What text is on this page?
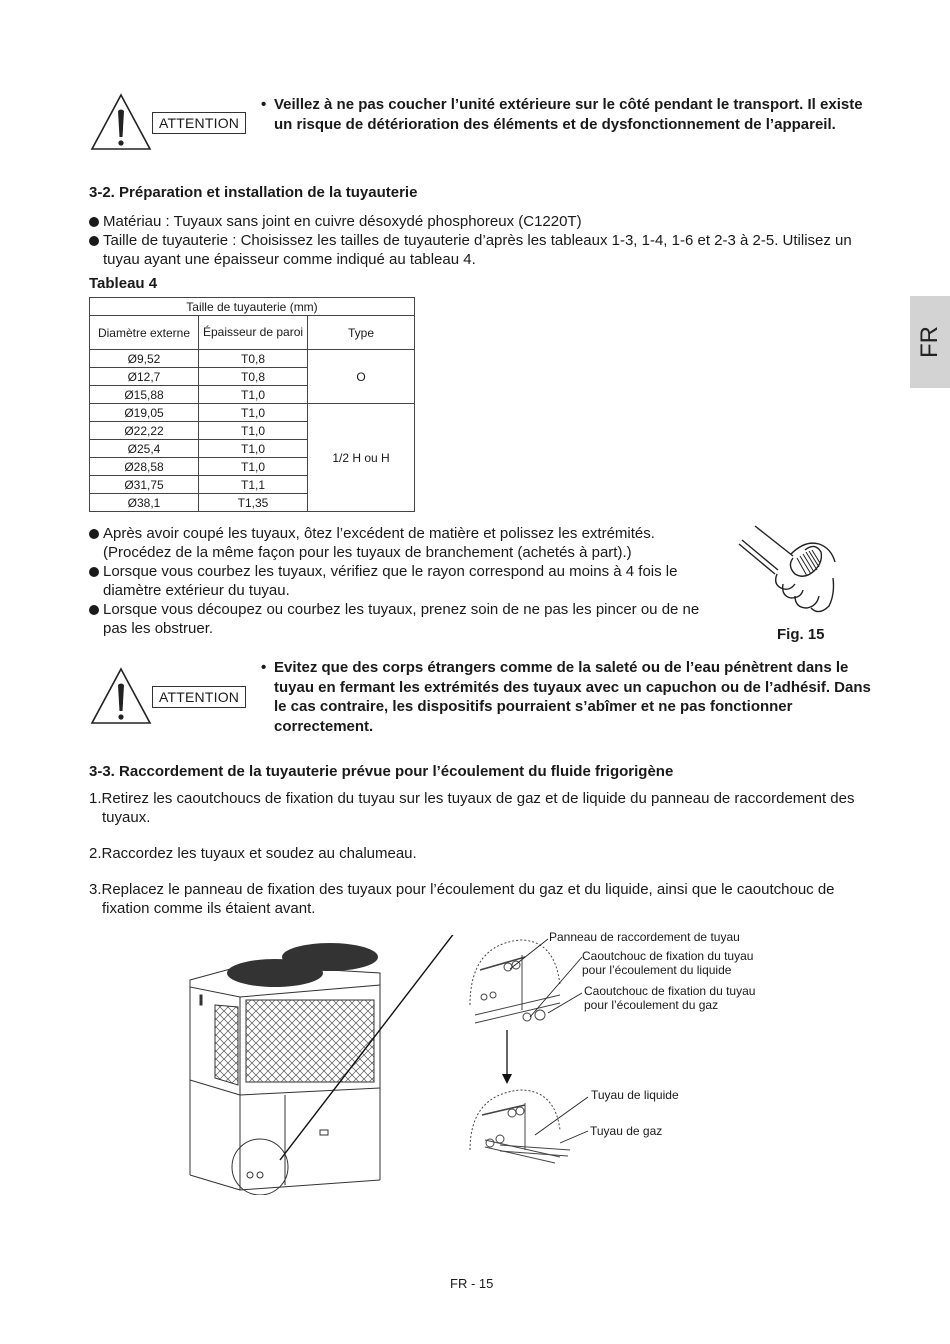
ATTENTION
• Veillez à ne pas coucher l’unité extérieure sur le côté pendant le transport. Il existe un risque de détérioration des éléments et de dysfonctionnement de l’appareil.
3-2. Préparation et installation de la tuyauterie
Matériau : Tuyaux sans joint en cuivre désoxydé phosphoreux (C1220T)
Taille de tuyauterie : Choisissez les tailles de tuyauterie d’après les tableaux 1-3, 1-4, 1-6 et 2-3 à 2-5. Utilisez un tuyau ayant une épaisseur comme indiqué au tableau 4.
Tableau 4
Taille de tuyauterie (mm)		
Diamètre externe	Épaisseur de paroi	Type
Ø9,52	T0,8	O
Ø12,7	T0,8	
Ø15,88	T1,0	
Ø19,05	T1,0	1/2 H ou H
Ø22,22	T1,0	
Ø25,4	T1,0	
Ø28,58	T1,0	
Ø31,75	T1,1	
Ø38,1	T1,35	
Après avoir coupé les tuyaux, ôtez l’excédent de matière et polissez les extrémités. (Procédez de la même façon pour les tuyaux de branchement (achetés à part).)
Lorsque vous courbez les tuyaux, vérifiez que le rayon correspond au moins à 4 fois le diamètre extérieur du tuyau.
Lorsque vous découpez ou courbez les tuyaux, prenez soin de ne pas les pincer ou de ne pas les obstruer.	Fig. 15
ATTENTION
• Evitez que des corps étrangers comme de la saleté ou de l’eau pénètrent dans le tuyau en fermant les extrémités des tuyaux avec un capuchon ou de l’adhésif. Dans le cas contraire, les dispositifs pourraient s’abîmer et ne pas fonctionner correctement.
3-3. Raccordement de la tuyauterie prévue pour l’écoulement du fluide frigorigène
1.Retirez les caoutchoucs de fixation du tuyau sur les tuyaux de gaz et de liquide du panneau de raccordement des tuyaux.
2.Raccordez les tuyaux et soudez au chalumeau.
3.Replacez le panneau de fixation des tuyaux pour l’écoulement du gaz et du liquide, ainsi que le caoutchouc de fixation comme ils étaient avant.
Panneau de raccordement de tuyau
Caoutchouc de fixation du tuyau
pour l’écoulement du liquide
Caoutchouc de fixation du tuyau
pour l’écoulement du gaz
Tuyau de liquide
Tuyau de gaz
FR
FR - 15
